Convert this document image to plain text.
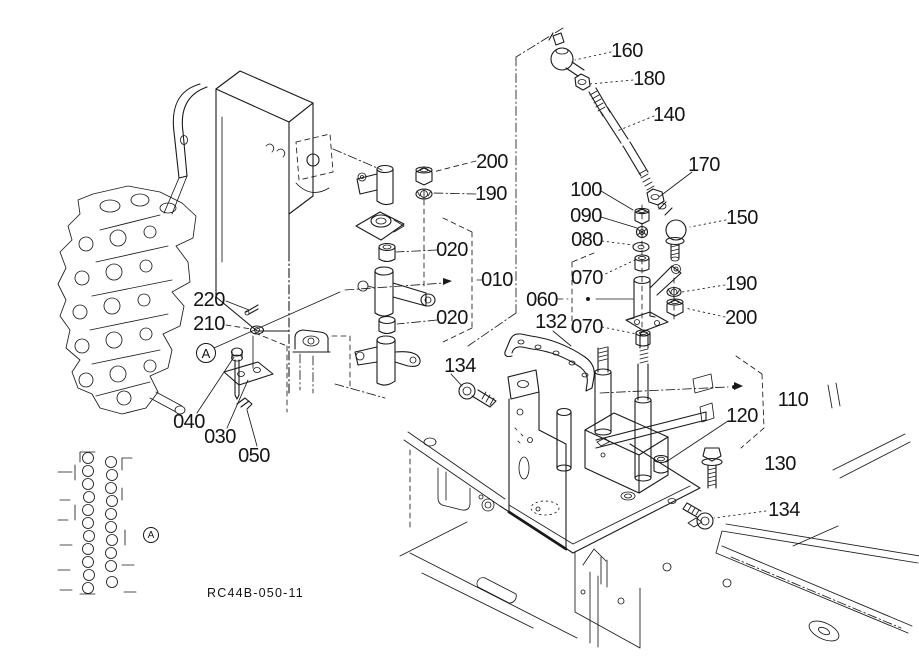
160
180
140
170
150
200
190
020
010
020
100
090
080
070
060
132 070
190
200
220
210
040
030
050
134
110
120
130
134
A
A
RC44B-050-11
